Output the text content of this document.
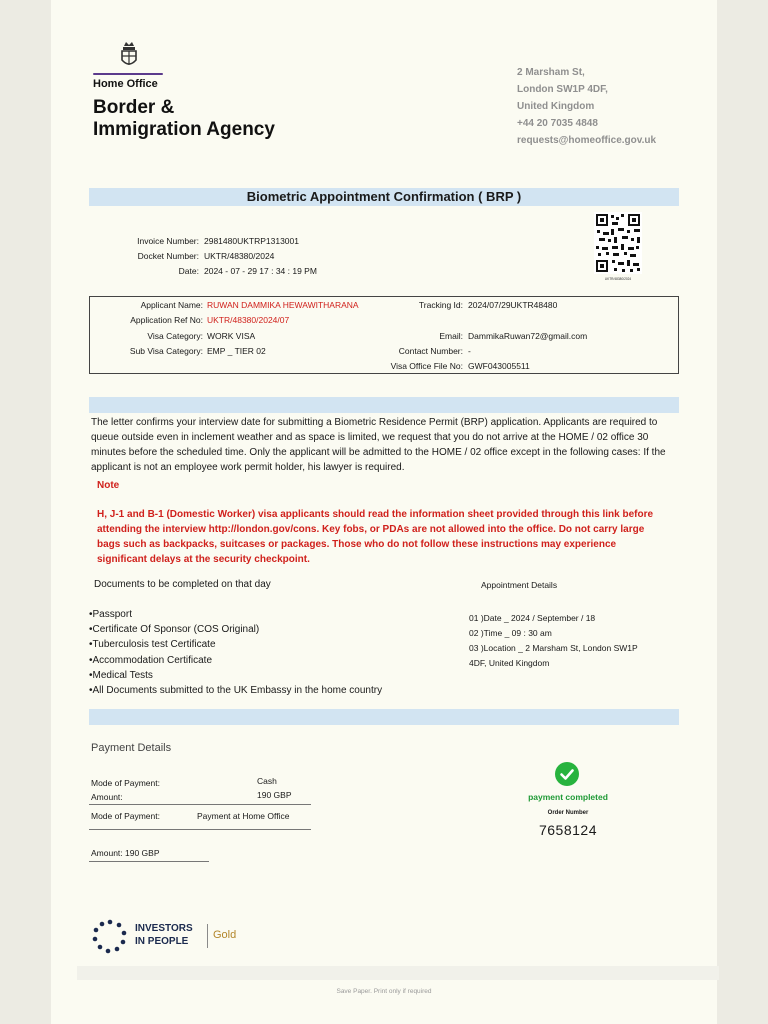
Home Office
Border &
Immigration Agency
2 Marsham St,
London SW1P 4DF,
United Kingdom
+44 20 7035 4848
requests@homeoffice.gov.uk
Biometric Appointment Confirmation ( BRP )
Invoice Number: 2981480UKTRP1313001
Docket Number: UKTR/48380/2024
Date: 2024 - 07 - 29 17 : 34 : 19 PM
UKTR/48380/2024
Applicant Name: RUWAN DAMMIKA HEWAWITHARANA
Application Ref No: UKTR/48380/2024/07
Visa Category: WORK VISA
Sub Visa Category: EMP _ TIER 02
Tracking Id: 2024/07/29UKTR48480
Email: DammikaRuwan72@gmail.com
Contact Number: -
Visa Office File No: GWF043005511
The letter confirms your interview date for submitting a Biometric Residence Permit (BRP) application. Applicants are required to queue outside even in inclement weather and as space is limited, we request that you do not arrive at the HOME / 02 office 30 minutes before the scheduled time. Only the applicant will be admitted to the HOME / 02 office except in the following cases: If the applicant is not an employee work permit holder, his lawyer is required.
Note
H, J-1 and B-1 (Domestic Worker) visa applicants should read the information sheet provided through this link before attending the interview http://london.gov/cons. Key fobs, or PDAs are not allowed into the office. Do not carry large bags such as backpacks, suitcases or packages. Those who do not follow these instructions may experience significant delays at the security checkpoint.
Documents to be completed on that day
• Passport
• Certificate Of Sponsor (COS Original)
• Tuberculosis test Certificate
• Accommodation Certificate
• Medical Tests
• All Documents submitted to the UK Embassy in the home country
Appointment Details
01 )Date _ 2024 / September / 18
02 )Time _ 09 : 30 am
03 )Location _ 2 Marsham St, London SW1P
4DF, United Kingdom
Payment Details
Mode of Payment:	Cash
Amount:	190 GBP
Mode of Payment:	Payment at Home Office
Amount: 190 GBP
payment completed
Order Number
7658124
INVESTORS
IN PEOPLE
Gold
Save Paper. Print only if required
